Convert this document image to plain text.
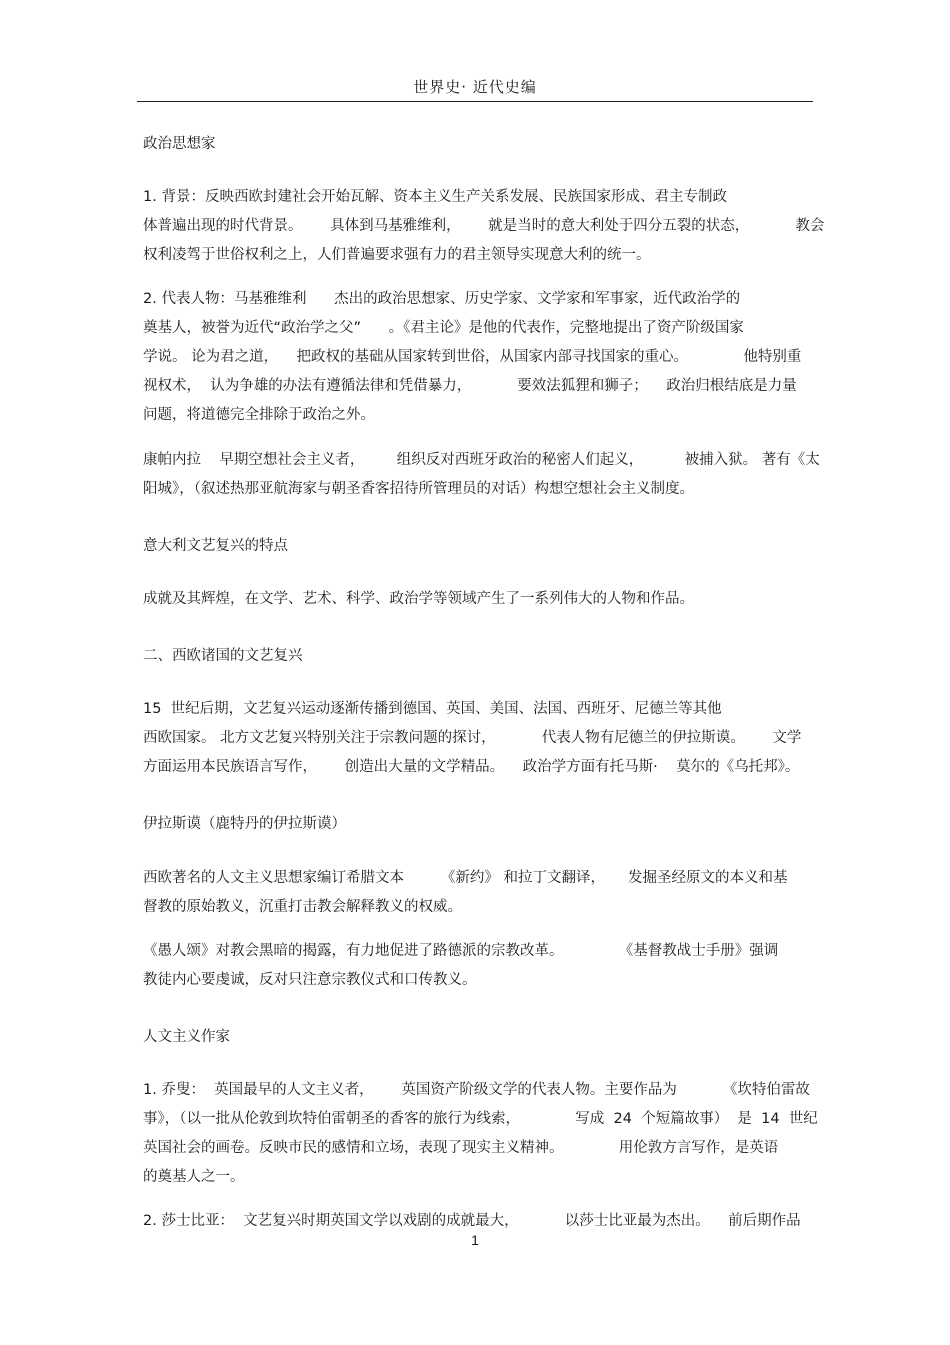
世界史· 近代史编
政治思想家
1. 背景：反映西欧封建社会开始瓦解、资本主义生产关系发展、民族国家形成、君主专制政
体普遍出现的时代背景。      具体到马基雅维利，      就是当时的意大利处于四分五裂的状态，          教会
权利凌驾于世俗权利之上，人们普遍要求强有力的君主领导实现意大利的统一。
2. 代表人物：马基雅维利      杰出的政治思想家、历史学家、文学家和军事家，近代政治学的
奠基人，被誉为近代“政治学之父”      。《君主论》是他的代表作，完整地提出了资产阶级国家
学说。 论为君之道，    把政权的基础从国家转到世俗，从国家内部寻找国家的重心。            他特别重
视权术，  认为争雄的办法有遵循法律和凭借暴力，          要效法狐狸和狮子；    政治归根结底是力量
问题，将道德完全排除于政治之外。
康帕内拉    早期空想社会主义者，       组织反对西班牙政治的秘密人们起义，         被捕入狱。 著有《太
阳城》，（叙述热那亚航海家与朝圣香客招待所管理员的对话）构想空想社会主义制度。
意大利文艺复兴的特点
成就及其辉煌，在文学、艺术、科学、政治学等领域产生了一系列伟大的人物和作品。
二、西欧诸国的文艺复兴
15  世纪后期，文艺复兴运动逐渐传播到德国、英国、美国、法国、西班牙、尼德兰等其他
西欧国家。 北方文艺复兴特别关注于宗教问题的探讨，          代表人物有尼德兰的伊拉斯谟。      文学
方面运用本民族语言写作，      创造出大量的文学精品。    政治学方面有托马斯·    莫尔的《乌托邦》。
伊拉斯谟（鹿特丹的伊拉斯谟）
西欧著名的人文主义思想家编订希腊文本        《新约》 和拉丁文翻译，     发掘圣经原文的本义和基
督教的原始教义，沉重打击教会解释教义的权威。
《愚人颂》对教会黑暗的揭露，有力地促进了路德派的宗教改革。            《基督教战士手册》强调
教徒内心要虔诚，反对只注意宗教仪式和口传教义。
人文主义作家
1. 乔叟：  英国最早的人文主义者，      英国资产阶级文学的代表人物。主要作品为          《坎特伯雷故
事》，（以一批从伦敦到坎特伯雷朝圣的香客的旅行为线索，            写成  24  个短篇故事）  是  14  世纪
英国社会的画卷。反映市民的感情和立场，表现了现实主义精神。            用伦敦方言写作，是英语
的奠基人之一。
2. 莎士比亚：  文艺复兴时期英国文学以戏剧的成就最大，          以莎士比亚最为杰出。    前后期作品
1
